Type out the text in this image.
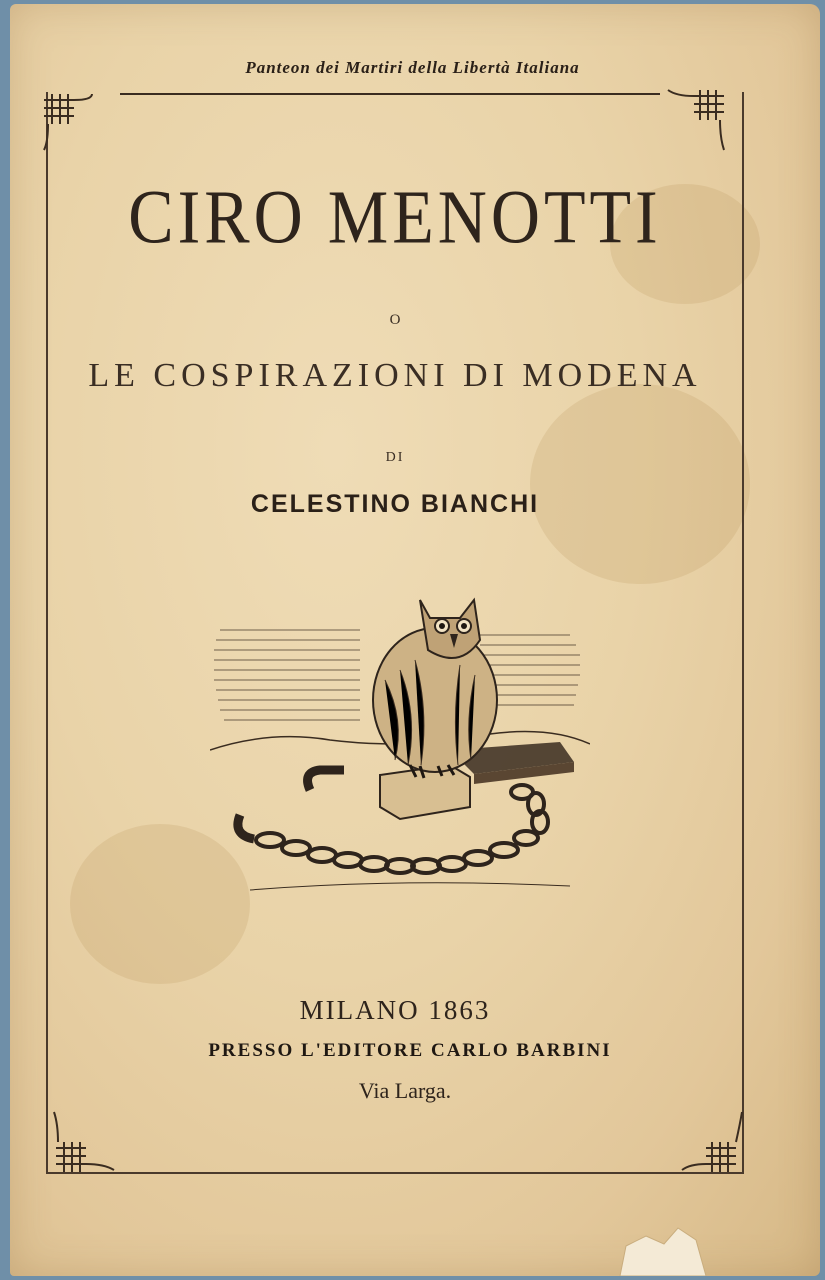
Panteon dei Martiri della Libertà Italiana
CIRO MENOTTI
O
LE COSPIRAZIONI DI MODENA
DI
CELESTINO BIANCHI
MILANO 1863
PRESSO L'EDITORE CARLO BARBINI
Via Larga.
